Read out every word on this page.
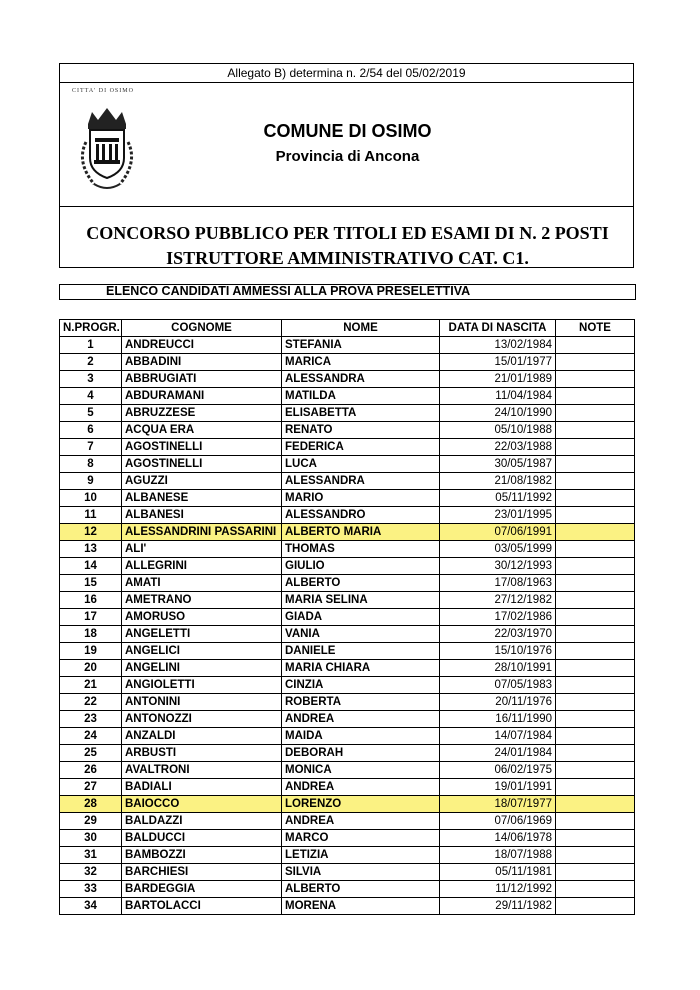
Allegato B) determina n. 2/54 del 05/02/2019
CITTA' DI OSIMO
COMUNE DI OSIMO
Provincia di Ancona
CONCORSO PUBBLICO PER TITOLI ED ESAMI DI N. 2 POSTI
ISTRUTTORE AMMINISTRATIVO CAT. C1.
ELENCO CANDIDATI AMMESSI ALLA PROVA PRESELETTIVA
N.PROGR.	COGNOME	NOME	DATA DI NASCITA	NOTE
1	ANDREUCCI	STEFANIA	13/02/1984	
2	ABBADINI	MARICA	15/01/1977	
3	ABBRUGIATI	ALESSANDRA	21/01/1989	
4	ABDURAMANI	MATILDA	11/04/1984	
5	ABRUZZESE	ELISABETTA	24/10/1990	
6	ACQUA ERA	RENATO	05/10/1988	
7	AGOSTINELLI	FEDERICA	22/03/1988	
8	AGOSTINELLI	LUCA	30/05/1987	
9	AGUZZI	ALESSANDRA	21/08/1982	
10	ALBANESE	MARIO	05/11/1992	
11	ALBANESI	ALESSANDRO	23/01/1995	
12	ALESSANDRINI PASSARINI	ALBERTO MARIA	07/06/1991	
13	ALI'	THOMAS	03/05/1999	
14	ALLEGRINI	GIULIO	30/12/1993	
15	AMATI	ALBERTO	17/08/1963	
16	AMETRANO	MARIA SELINA	27/12/1982	
17	AMORUSO	GIADA	17/02/1986	
18	ANGELETTI	VANIA	22/03/1970	
19	ANGELICI	DANIELE	15/10/1976	
20	ANGELINI	MARIA CHIARA	28/10/1991	
21	ANGIOLETTI	CINZIA	07/05/1983	
22	ANTONINI	ROBERTA	20/11/1976	
23	ANTONOZZI	ANDREA	16/11/1990	
24	ANZALDI	MAIDA	14/07/1984	
25	ARBUSTI	DEBORAH	24/01/1984	
26	AVALTRONI	MONICA	06/02/1975	
27	BADIALI	ANDREA	19/01/1991	
28	BAIOCCO	LORENZO	18/07/1977	
29	BALDAZZI	ANDREA	07/06/1969	
30	BALDUCCI	MARCO	14/06/1978	
31	BAMBOZZI	LETIZIA	18/07/1988	
32	BARCHIESI	SILVIA	05/11/1981	
33	BARDEGGIA	ALBERTO	11/12/1992	
34	BARTOLACCI	MORENA	29/11/1982	
